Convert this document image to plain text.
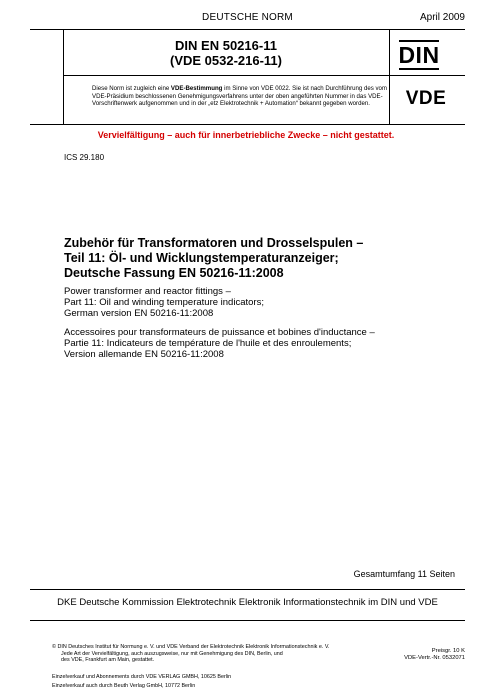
DEUTSCHE NORM	April 2009
DIN EN 50216-11
(VDE 0532-216-11)	DIN
VDE
Diese Norm ist zugleich eine VDE-Bestimmung im Sinne von VDE 0022. Sie ist nach Durchführung des vom VDE-Präsidium beschlossenen Genehmigungsverfahrens unter der oben angeführten Nummer in das VDE-Vorschriftenwerk aufgenommen und in der „etz Elektrotechnik + Automation“ bekannt gegeben worden.
Vervielfältigung – auch für innerbetriebliche Zwecke – nicht gestattet.
ICS 29.180
Zubehör für Transformatoren und Drosselspulen –
Teil 11: Öl- und Wicklungstemperaturanzeiger;
Deutsche Fassung EN 50216-11:2008
Power transformer and reactor fittings –
Part 11: Oil and winding temperature indicators;
German version EN 50216-11:2008
Accessoires pour transformateurs de puissance et bobines d'inductance –
Partie 11: Indicateurs de température de l'huile et des enroulements;
Version allemande EN 50216-11:2008
Gesamtumfang 11 Seiten
DKE Deutsche Kommission Elektrotechnik Elektronik Informationstechnik im DIN und VDE
© DIN Deutsches Institut für Normung e. V. und VDE Verband der Elektrotechnik Elektronik Informationstechnik e. V.
Jede Art der Vervielfältigung, auch auszugsweise, nur mit Genehmigung des DIN, Berlin, und
des VDE, Frankfurt am Main, gestattet.
Einzelverkauf und Abonnements durch VDE VERLAG GMBH, 10625 Berlin
Einzelverkauf auch durch Beuth Verlag GmbH, 10772 Berlin
Preisgr. 10 K
VDE-Vertr.-Nr. 0532071
